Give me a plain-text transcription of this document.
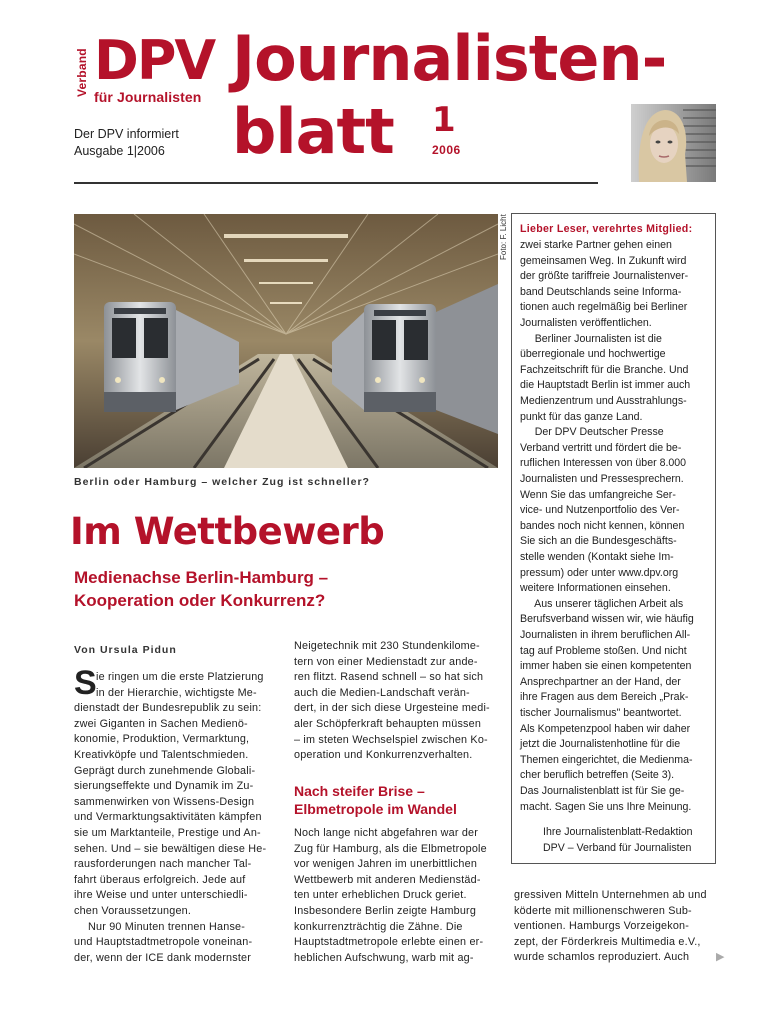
Verband DPV
für Journalisten
Der DPV informiert
Ausgabe 1|2006
Journalisten-
blatt 1
2006
Foto: F. Licht
Berlin oder Hamburg – welcher Zug ist schneller?
Im Wettbewerb
Medienachse Berlin-Hamburg –
Kooperation oder Konkurrenz?
Von Ursula Pidun
S ie ringen um die erste Platzierung
in der Hierarchie, wichtigste Me-
dienstadt der Bundesrepublik zu sein:
zwei Giganten in Sachen Medienö-
konomie, Produktion, Vermarktung,
Kreativköpfe und Talentschmieden.
Geprägt durch zunehmende Globali-
sierungseffekte und Dynamik im Zu-
sammenwirken von Wissens-Design
und Vermarktungsaktivitäten kämpfen
sie um Marktanteile, Prestige und An-
sehen. Und – sie bewältigen diese He-
rausforderungen nach mancher Tal-
fahrt überaus erfolgreich. Jede auf
ihre Weise und unter unterschiedli-
chen Voraussetzungen.
Nur 90 Minuten trennen Hanse-
und Hauptstadtmetropole voneinan-
der, wenn der ICE dank modernster
Neigetechnik mit 230 Stundenkilome-
tern von einer Medienstadt zur ande-
ren flitzt. Rasend schnell – so hat sich
auch die Medien-Landschaft verän-
dert, in der sich diese Urgesteine medi-
aler Schöpferkraft behaupten müssen
– im steten Wechselspiel zwischen Ko-
operation und Konkurrenzverhalten.
Nach steifer Brise –
Elbmetropole im Wandel
Noch lange nicht abgefahren war der
Zug für Hamburg, als die Elbmetropole
vor wenigen Jahren im unerbittlichen
Wettbewerb mit anderen Medienstäd-
ten unter erheblichen Druck geriet.
Insbesondere Berlin zeigte Hamburg
konkurrenzträchtig die Zähne. Die
Hauptstadtmetropole erlebte einen er-
heblichen Aufschwung, warb mit ag-
gressiven Mitteln Unternehmen ab und
köderte mit millionenschweren Sub-
ventionen. Hamburgs Vorzeigekon-
zept, der Förderkreis Multimedia e.V.,
wurde schamlos reproduziert. Auch ▶
Lieber Leser, verehrtes Mitglied:
zwei starke Partner gehen einen
gemeinsamen Weg. In Zukunft wird
der größte tariffreie Journalistenver-
band Deutschlands seine Informa-
tionen auch regelmäßig bei Berliner
Journalisten veröffentlichen.
Berliner Journalisten ist die
überregionale und hochwertige
Fachzeitschrift für die Branche. Und
die Hauptstadt Berlin ist immer auch
Medienzentrum und Ausstrahlungs-
punkt für das ganze Land.
Der DPV Deutscher Presse
Verband vertritt und fördert die be-
ruflichen Interessen von über 8.000
Journalisten und Pressesprechern.
Wenn Sie das umfangreiche Ser-
vice- und Nutzenportfolio des Ver-
bandes noch nicht kennen, können
Sie sich an die Bundesgeschäfts-
stelle wenden (Kontakt siehe Im-
pressum) oder unter www.dpv.org
weitere Informationen einsehen.
Aus unserer täglichen Arbeit als
Berufsverband wissen wir, wie häufig
Journalisten in ihrem beruflichen All-
tag auf Probleme stoßen. Und nicht
immer haben sie einen kompetenten
Ansprechpartner an der Hand, der
ihre Fragen aus dem Bereich „Prak-
tischer Journalismus" beantwortet.
Als Kompetenzpool haben wir daher
jetzt die Journalistenhotline für die
Themen eingerichtet, die Medienma-
cher beruflich betreffen (Seite 3).
Das Journalistenblatt ist für Sie ge-
macht. Sagen Sie uns Ihre Meinung.
Ihre Journalistenblatt-Redaktion
DPV – Verband für Journalisten
